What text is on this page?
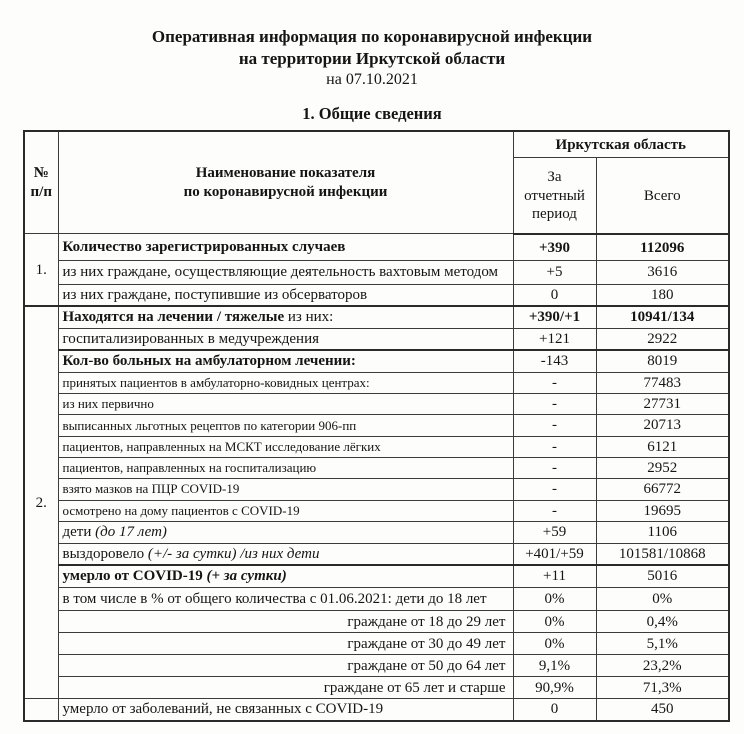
Оперативная информация по коронавирусной инфекции
на территории Иркутской области
на 07.10.2021
1. Общие сведения
№
п/п

Наименование показателя
по коронавирусной инфекции
	Иркутская область
		За отчетный период	Всего
1.	Количество зарегистрированных случаев	+390	112096
	из них граждане, осуществляющие деятельность вахтовым методом	+5	3616
	из них граждане, поступившие из обсерваторов	0	180
2.	Находятся на лечении / тяжелые из них:	+390/+1	10941/134
	госпитализированных в медучреждения	+121	2922
	Кол-во больных на амбулаторном лечении:	-143	8019
	принятых пациентов в амбулаторно-ковидных центрах:	-	77483
	из них первично	-	27731
	выписанных льготных рецептов по категории 906-пп	-	20713
	пациентов, направленных на МСКТ исследование лёгких	-	6121
	пациентов, направленных на госпитализацию	-	2952
	взято мазков на ПЦР COVID-19	-	66772
	осмотрено на дому пациентов с COVID-19	-	19695
	дети (до 17 лет)	+59	1106
	выздоровело (+/- за сутки) /из них дети	+401/+59	101581/10868
	умерло от COVID-19 (+ за сутки)	+11	5016
	в том числе в % от общего количества с 01.06.2021: дети до 18 лет	0%	0%
	граждане от 18 до 29 лет	0%	0,4%
	граждане от 30 до 49 лет	0%	5,1%
	граждане от 50 до 64 лет	9,1%	23,2%
	граждане от 65 лет и старше	90,9%	71,3%
	умерло от заболеваний, не связанных с COVID-19	0	450
